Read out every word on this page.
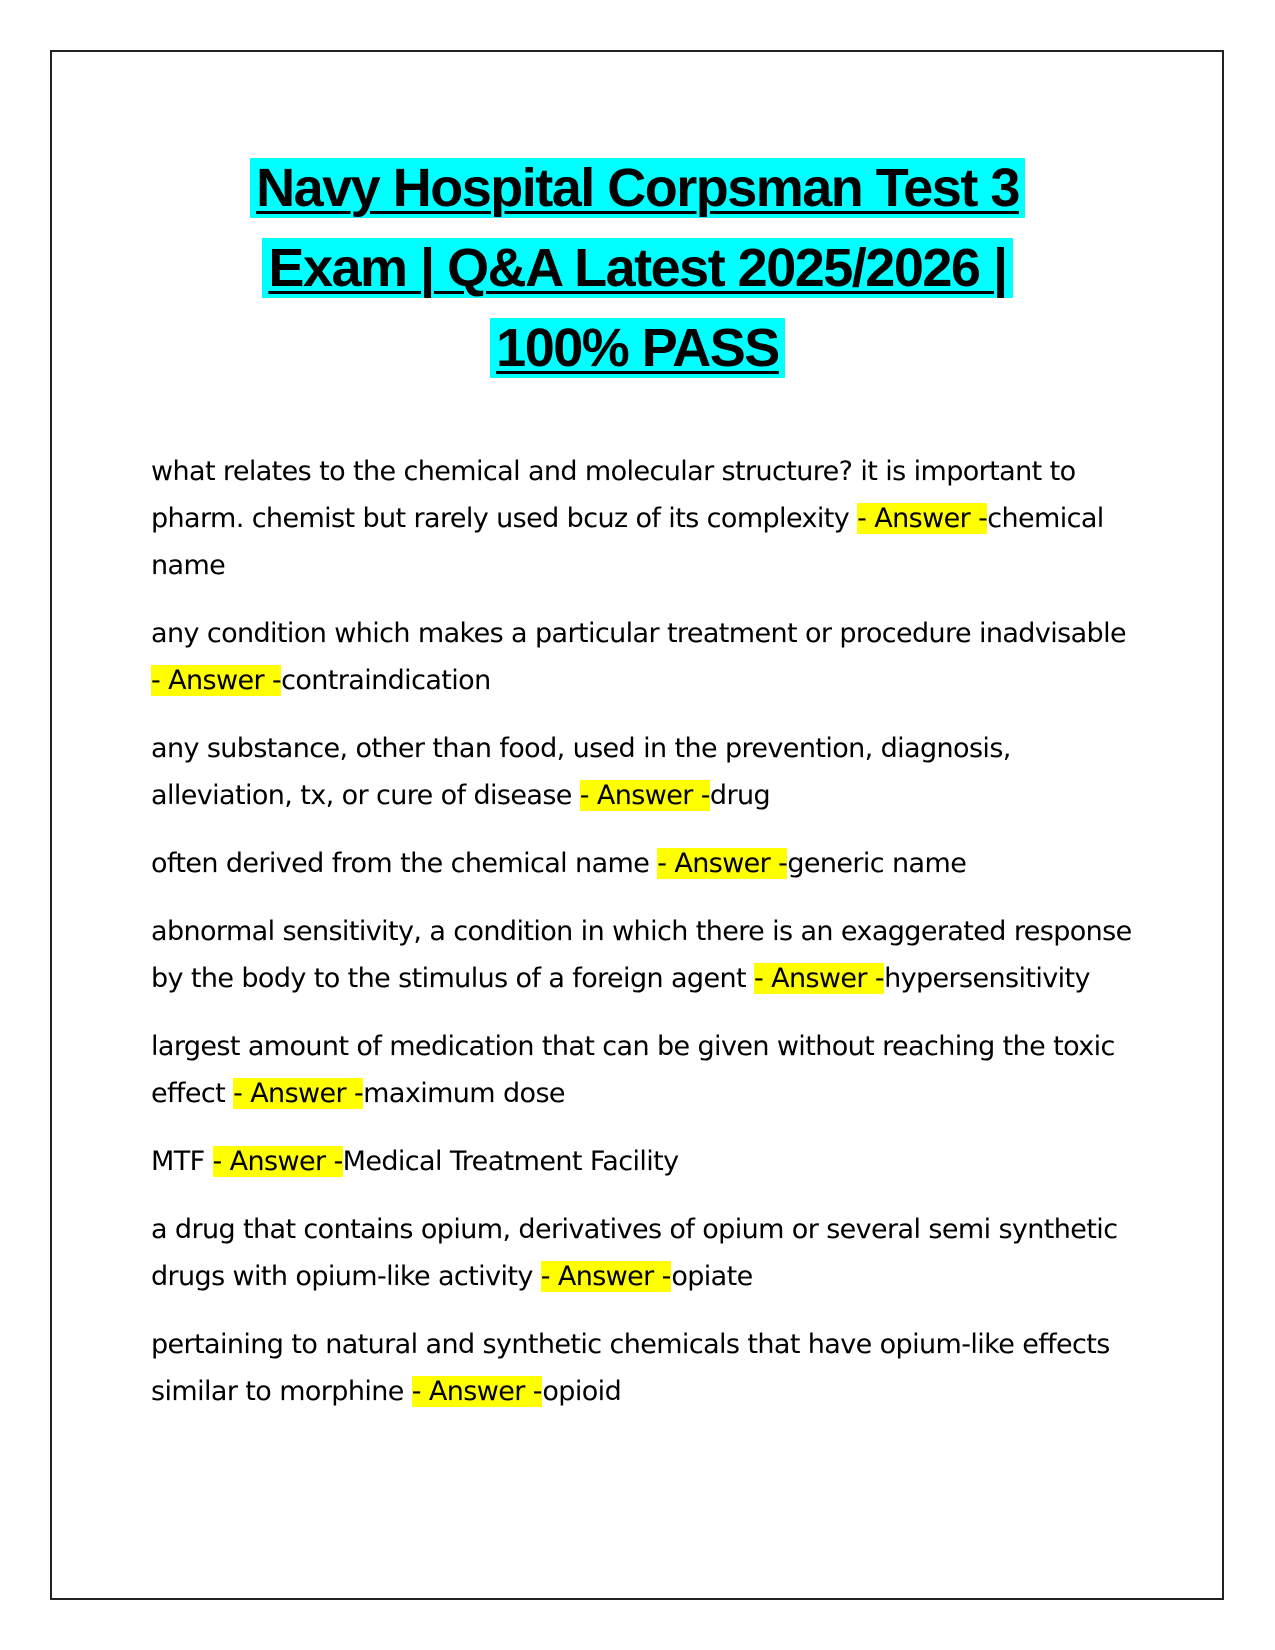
Navy Hospital Corpsman Test 3
Exam | Q&A Latest 2025/2026 |
100% PASS

what relates to the chemical and molecular structure? it is important to pharm. chemist but rarely used bcuz of its complexity - Answer -chemical name

any condition which makes a particular treatment or procedure inadvisable - Answer -contraindication

any substance, other than food, used in the prevention, diagnosis, alleviation, tx, or cure of disease - Answer -drug

often derived from the chemical name - Answer -generic name

abnormal sensitivity, a condition in which there is an exaggerated response by the body to the stimulus of a foreign agent - Answer -hypersensitivity

largest amount of medication that can be given without reaching the toxic effect - Answer -maximum dose

MTF - Answer -Medical Treatment Facility

a drug that contains opium, derivatives of opium or several semi synthetic drugs with opium-like activity - Answer -opiate

pertaining to natural and synthetic chemicals that have opium-like effects similar to morphine - Answer -opioid
